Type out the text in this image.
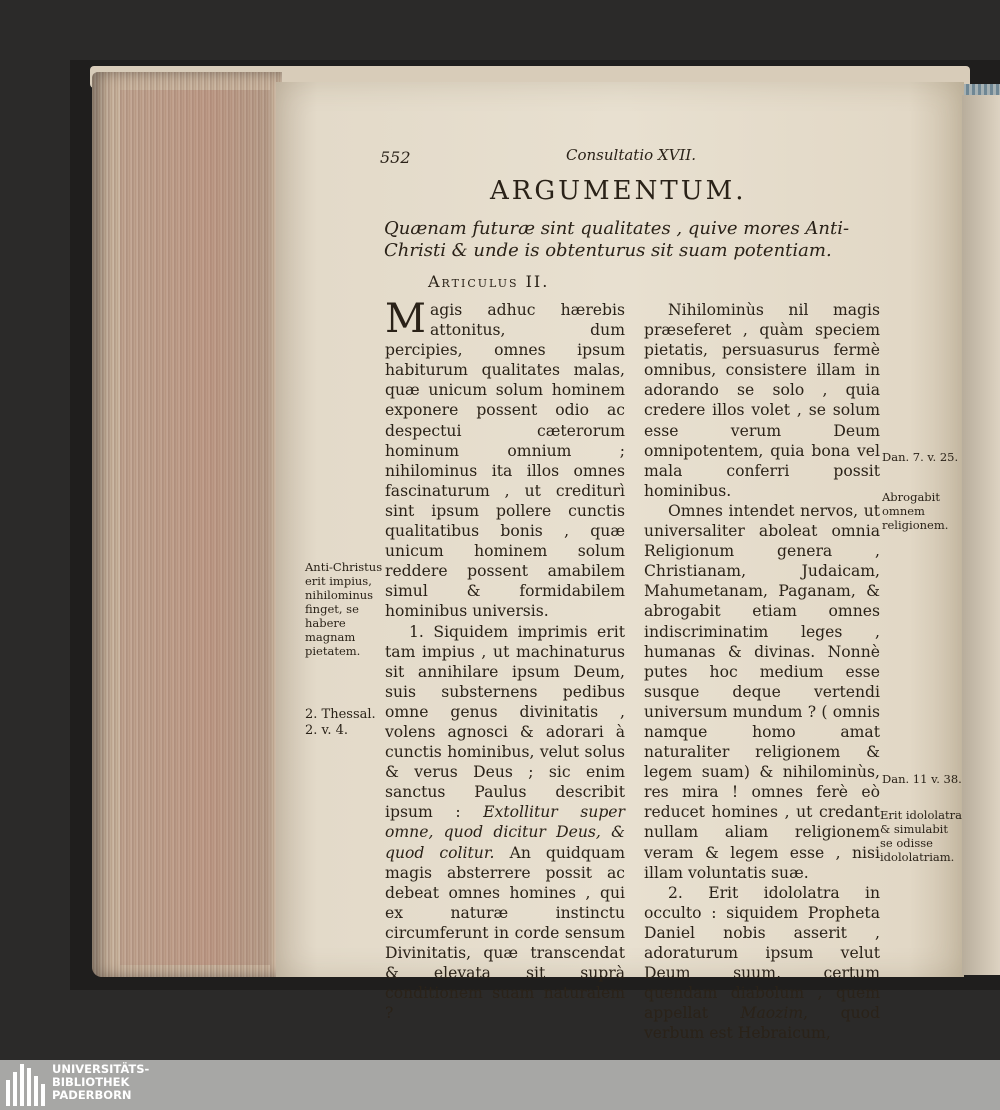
552	Consultatio XVII.
ARGUMENTUM.
Quænam futuræ sint qualitates , quive mores Anti-Christi & unde is obtenturus sit suam potentiam.
Articulus II.

Magis adhuc hærebis attonitus, dum percipies, omnes ipsum habiturum qualitates malas, quæ unicum solum hominem exponere possent odio ac despectui cæterorum hominum omnium ; nihilominus ita illos omnes fascinaturum , ut crediturì sint ipsum pollere cunctis qualitatibus bonis , quæ unicum hominem solum reddere possent amabilem simul & formidabilem hominibus universis.

1. Siquidem imprimis erit tam impius , ut machinaturus sit annihilare ipsum Deum, suis substernens pedibus omne genus divinitatis , volens agnosci & adorari à cunctis hominibus, velut solus & verus Deus ; sic enim sanctus Paulus describit ipsum : Extollitur super omne, quod dicitur Deus, & quod colitur. An quidquam magis absterrere possit ac debeat omnes homines , qui ex naturæ instinctu circumferunt in corde sensum Divinitatis, quæ transcendat & elevata sit suprà conditionem suam naturalem ?

Nihilominùs nil magis præseferet , quàm speciem pietatis, persuasurus fermè omnibus, consistere illam in adorando se solo , quia credere illos volet , se solum esse verum Deum omnipotentem, quia bona vel mala conferri possit hominibus.

Omnes intendet nervos, ut universaliter aboleat omnia Religionum genera , Christianam, Judaicam, Mahumetanam, Paganam, & abrogabit etiam omnes indiscriminatim leges , humanas & divinas. Nonnè putes hoc medium esse susque deque vertendi universum mundum ? ( omnis namque homo amat naturaliter religionem & legem suam) & nihilominùs, res mira ! omnes ferè eò reducet homines , ut credant nullam aliam religionem veram & legem esse , nisi illam voluntatis suæ.

2. Erit idololatra in occulto : siquidem Propheta Daniel nobis asserit , adoraturum ipsum velut Deum suum, certum quendam diabolum , quem appellat Maozim, quod verbum est Hebraicum,

Anti-Christus erit impius, nihilominus finget, se habere magnam pietatem.
2. Thessal. 2. v. 4.
Dan. 7. v. 25.
Abrogabit omnem religionem.
Dan. 11 v. 38.
Erit idololatra & simulabit se odisse idololatriam.
UNIVERSITÄTS-
BIBLIOTHEK
PADERBORN
